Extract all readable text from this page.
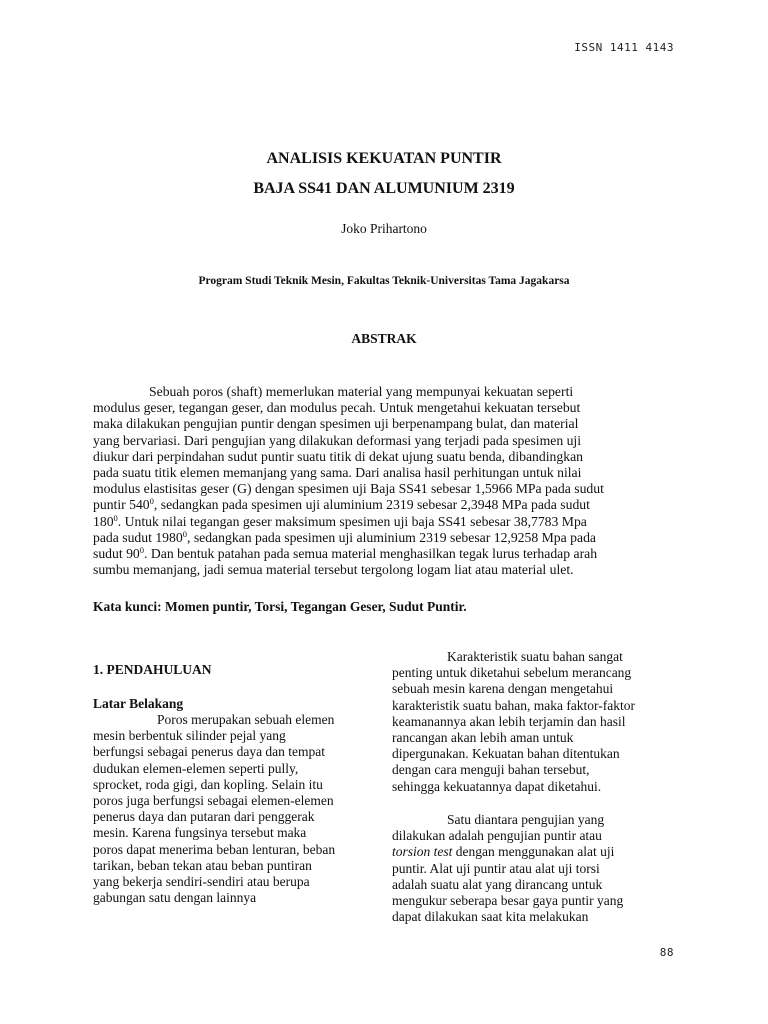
ISSN 1411 4143
ANALISIS KEKUATAN PUNTIR
BAJA SS41 DAN ALUMUNIUM 2319
Joko Prihartono
Program Studi Teknik Mesin, Fakultas Teknik-Universitas Tama Jagakarsa
ABSTRAK
Sebuah poros (shaft) memerlukan material yang mempunyai kekuatan seperti
modulus geser, tegangan geser, dan modulus pecah. Untuk mengetahui kekuatan tersebut
maka dilakukan pengujian puntir dengan spesimen uji berpenampang bulat, dan material
yang bervariasi. Dari pengujian yang dilakukan deformasi yang terjadi pada spesimen uji
diukur dari perpindahan sudut puntir suatu titik di dekat ujung suatu benda, dibandingkan
pada suatu titik elemen memanjang yang sama. Dari analisa hasil perhitungan untuk nilai
modulus elastisitas geser (G) dengan spesimen uji Baja SS41 sebesar 1,5966 MPa pada sudut
puntir $540^0$, sedangkan pada spesimen uji aluminium 2319 sebesar 2,3948 MPa pada sudut
$180^0$. Untuk nilai tegangan geser maksimum spesimen uji baja SS41 sebesar 38,7783 Mpa
pada sudut 1980$^0$, sedangkan pada spesimen uji aluminium 2319 sebesar 12,9258 Mpa pada
sudut $90^0$. Dan bentuk patahan pada semua material menghasilkan tegak lurus terhadap arah
sumbu memanjang, jadi semua material tersebut tergolong logam liat atau material ulet.
Kata kunci: Momen puntir, Torsi, Tegangan Geser, Sudut Puntir.
1. PENDAHULUAN
Latar Belakang
Poros merupakan sebuah elemen
mesin berbentuk silinder pejal yang
berfungsi sebagai penerus daya dan tempat
dudukan elemen-elemen seperti pully,
sprocket, roda gigi, dan kopling. Selain itu
poros juga berfungsi sebagai elemen-elemen
penerus daya dan putaran dari penggerak
mesin. Karena fungsinya tersebut maka
poros dapat menerima beban lenturan, beban
tarikan, beban tekan atau beban puntiran
yang bekerja sendiri-sendiri atau berupa
gabungan satu dengan lainnya
Karakteristik suatu bahan sangat
penting untuk diketahui sebelum merancang
sebuah mesin karena dengan mengetahui
karakteristik suatu bahan, maka faktor-faktor
keamanannya akan lebih terjamin dan hasil
rancangan akan lebih aman untuk
dipergunakan. Kekuatan bahan ditentukan
dengan cara menguji bahan tersebut,
sehingga kekuatannya dapat diketahui.
Satu diantara pengujian yang
dilakukan adalah pengujian puntir atau
torsion test dengan menggunakan alat uji
puntir. Alat uji puntir atau alat uji torsi
adalah suatu alat yang dirancang untuk
mengukur seberapa besar gaya puntir yang
dapat dilakukan saat kita melakukan
88
